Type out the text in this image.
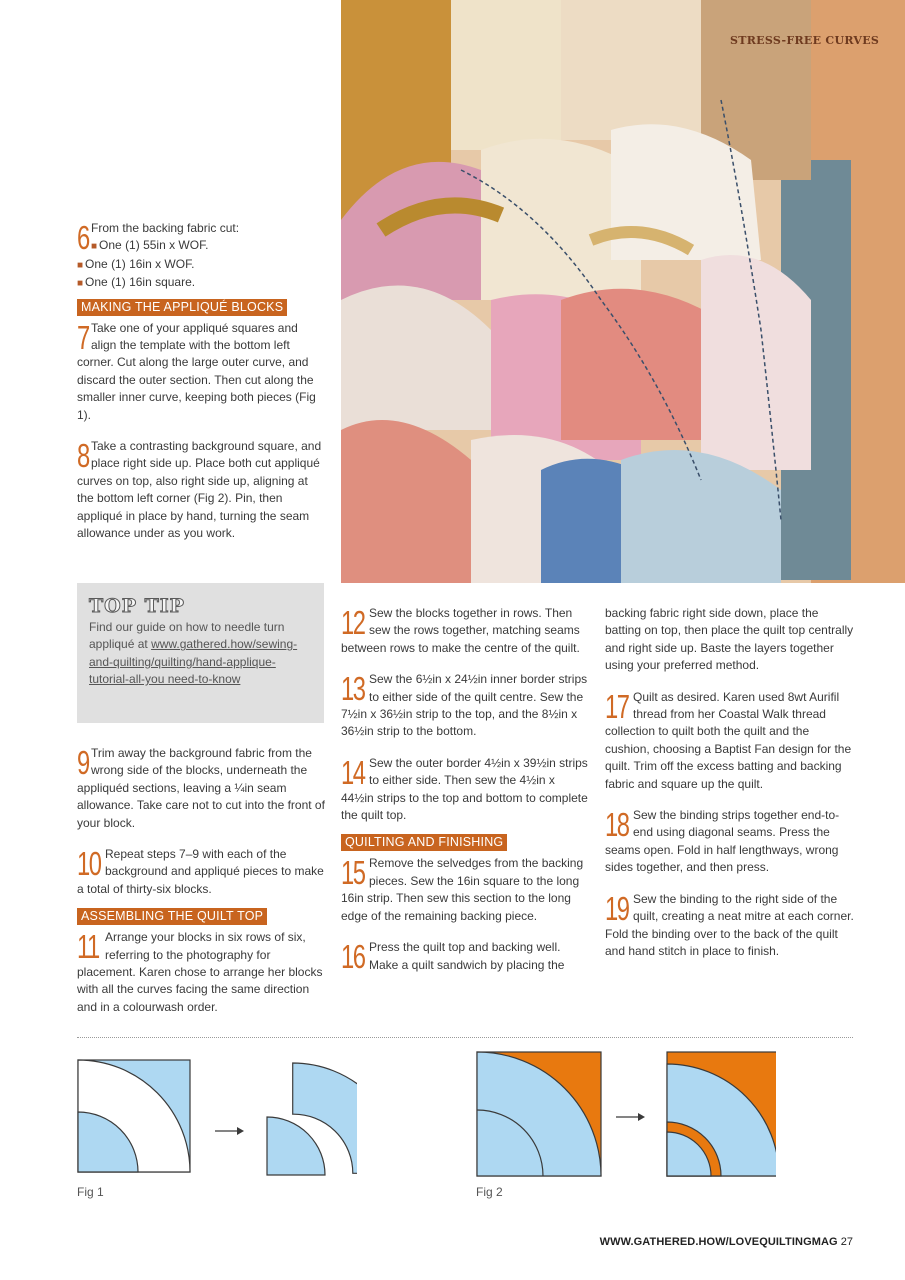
STRESS-FREE CURVES
6 From the backing fabric cut:

■ One (1) 55in x WOF.

■ One (1) 16in x WOF.

■ One (1) 16in square.

MAKING THE APPLIQUÉ BLOCKS
7 Take one of your appliqué squares and align the template with the bottom left corner. Cut along the large outer curve, and discard the outer section. Then cut along the smaller inner curve, keeping both pieces (Fig 1).

8 Take a contrasting background square, and place right side up. Place both cut appliqué curves on top, also right side up, aligning at the bottom left corner (Fig 2). Pin, then appliqué in place by hand, turning the seam allowance under as you work.

TOP TIP
Find our guide on how to needle turn appliqué at www.gathered.how/sewing-and-quilting/quilting/hand-applique-tutorial-all-you need-to-know
9 Trim away the background fabric from the wrong side of the blocks, underneath the appliquéd sections, leaving a ¼in seam allowance. Take care not to cut into the front of your block.

10 Repeat steps 7–9 with each of the background and appliqué pieces to make a total of thirty-six blocks.

ASSEMBLING THE QUILT TOP
11 Arrange your blocks in six rows of six, referring to the photography for placement. Karen chose to arrange her blocks with all the curves facing the same direction and in a colourwash order.

12 Sew the blocks together in rows. Then sew the rows together, matching seams between rows to make the centre of the quilt.

13 Sew the 6½in x 24½in inner border strips to either side of the quilt centre. Sew the 7½in x 36½in strip to the top, and the 8½in x 36½in strip to the bottom.

14 Sew the outer border 4½in x 39½in strips to either side. Then sew the 4½in x 44½in strips to the top and bottom to complete the quilt top.

QUILTING AND FINISHING
15 Remove the selvedges from the backing pieces. Sew the 16in square to the long 16in strip. Then sew this section to the long edge of the remaining backing piece.

16 Press the quilt top and backing well. Make a quilt sandwich by placing the

backing fabric right side down, place the batting on top, then place the quilt top centrally and right side up. Baste the layers together using your preferred method.

17 Quilt as desired. Karen used 8wt Aurifil thread from her Coastal Walk thread collection to quilt both the quilt and the cushion, choosing a Baptist Fan design for the quilt. Trim off the excess batting and backing fabric and square up the quilt.

18 Sew the binding strips together end-to-end using diagonal seams. Press the seams open. Fold in half lengthways, wrong sides together, and then press.

19 Sew the binding to the right side of the quilt, creating a neat mitre at each corner. Fold the binding over to the back of the quilt and hand stitch in place to finish.

Fig 1	Fig 2
WWW.GATHERED.HOW/LOVEQUILTINGMAG 27
